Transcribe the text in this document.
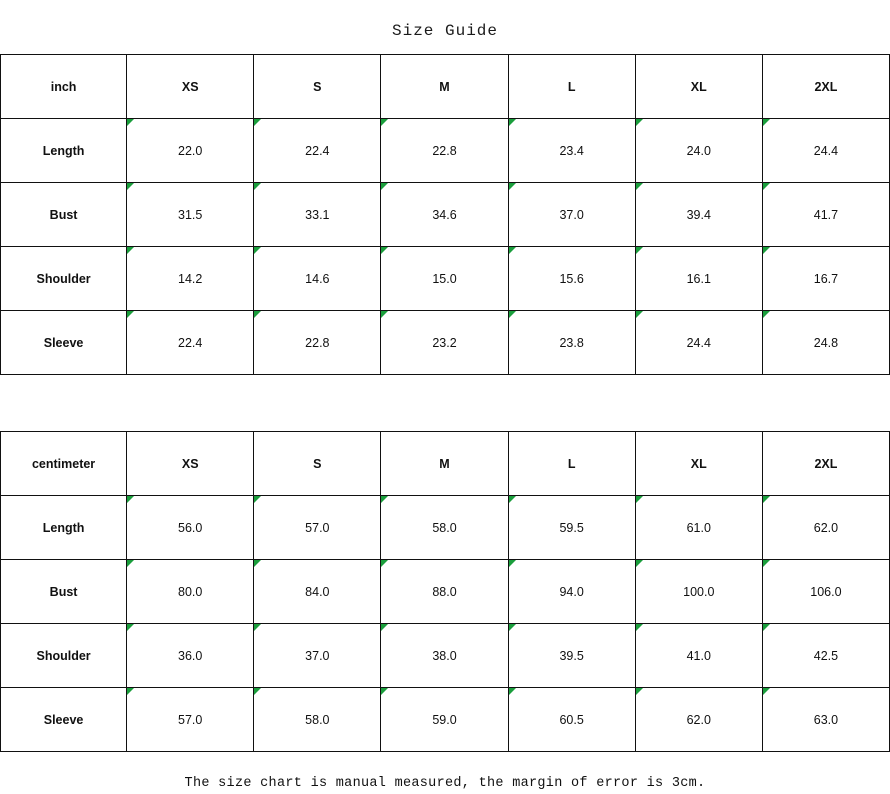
Size Guide
inch	XS	S	M	L	XL	2XL
Length	22.0	22.4	22.8	23.4	24.0	24.4
Bust	31.5	33.1	34.6	37.0	39.4	41.7
Shoulder	14.2	14.6	15.0	15.6	16.1	16.7
Sleeve	22.4	22.8	23.2	23.8	24.4	24.8
centimeter	XS	S	M	L	XL	2XL
Length	56.0	57.0	58.0	59.5	61.0	62.0
Bust	80.0	84.0	88.0	94.0	100.0	106.0
Shoulder	36.0	37.0	38.0	39.5	41.0	42.5
Sleeve	57.0	58.0	59.0	60.5	62.0	63.0
The size chart is manual measured, the margin of error is 3cm.
